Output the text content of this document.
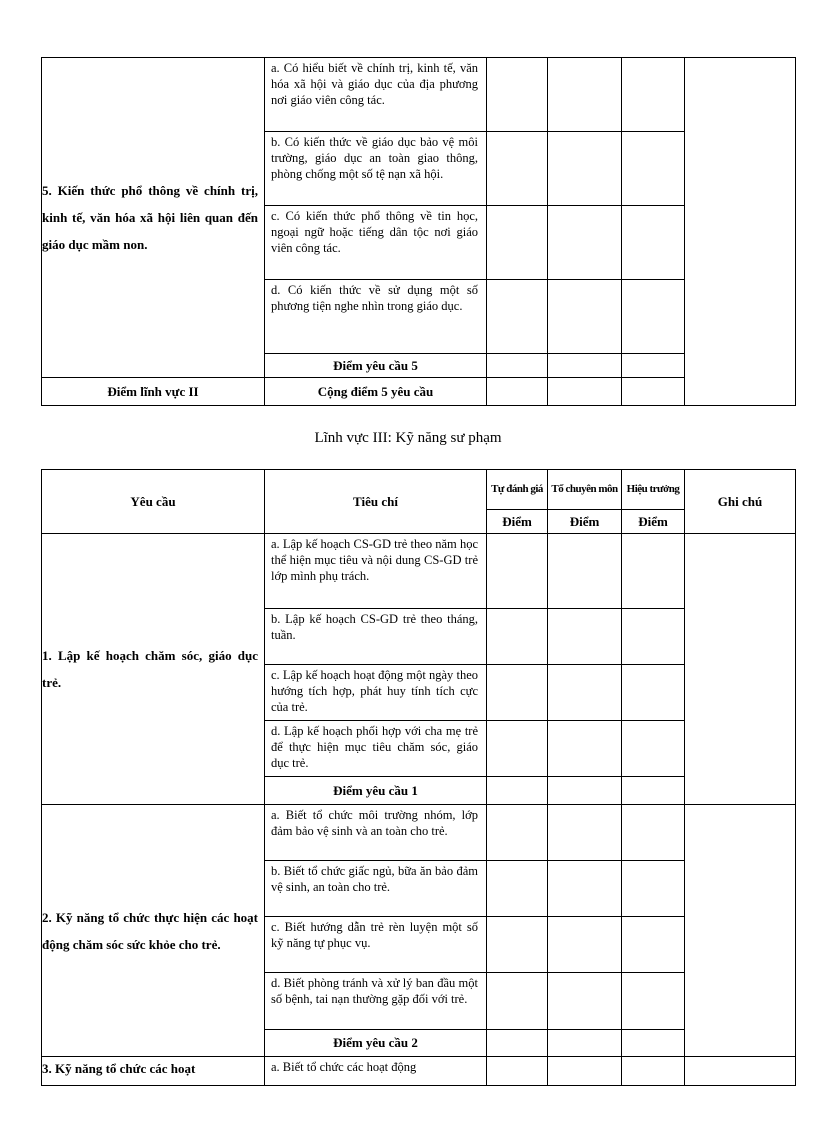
5. Kiến thức phổ thông về chính trị, kinh tế, văn hóa xã hội liên quan đến giáo dục mầm non.	a. Có hiểu biết về chính trị, kinh tế, văn hóa xã hội và giáo dục của địa phương nơi giáo viên công tác.					
	b. Có kiến thức về giáo dục bảo vệ môi trường, giáo dục an toàn giao thông, phòng chống một số tệ nạn xã hội.					
	c. Có kiến thức phổ thông về tin học, ngoại ngữ hoặc tiếng dân tộc nơi giáo viên công tác.					
	d. Có kiến thức về sử dụng một số phương tiện nghe nhìn trong giáo dục.					
	Điểm yêu cầu 5					
Điểm lĩnh vực II	Cộng điểm 5 yêu cầu					
Lĩnh vực III: Kỹ năng sư phạm
Yêu cầu	Tiêu chí	Tự đánh giá	Tổ chuyên môn	Hiệu trưởng	Ghi chú
		Điểm	Điểm	Điểm	
1. Lập kế hoạch chăm sóc, giáo dục trẻ.	a. Lập kế hoạch CS-GD trẻ theo năm học thể hiện mục tiêu và nội dung CS-GD trẻ lớp mình phụ trách.				
	b. Lập kế hoạch CS-GD trẻ theo tháng, tuần.				
	c. Lập kế hoạch hoạt động một ngày theo hướng tích hợp, phát huy tính tích cực của trẻ.				
	d. Lập kế hoạch phối hợp với cha mẹ trẻ để thực hiện mục tiêu chăm sóc, giáo dục trẻ.				
	Điểm yêu cầu 1				
2. Kỹ năng tổ chức thực hiện các hoạt động chăm sóc sức khỏe cho trẻ.	a. Biết tổ chức môi trường nhóm, lớp đảm bảo vệ sinh và an toàn cho trẻ.				
	b. Biết tổ chức giấc ngủ, bữa ăn bảo đảm vệ sinh, an toàn cho trẻ.				
	c. Biết hướng dẫn trẻ rèn luyện một số kỹ năng tự phục vụ.				
	d. Biết phòng tránh và xử lý ban đầu một số bệnh, tai nạn thường gặp đối với trẻ.				
	Điểm yêu cầu 2				
3. Kỹ năng tổ chức các hoạt	a. Biết tổ chức các hoạt động				
